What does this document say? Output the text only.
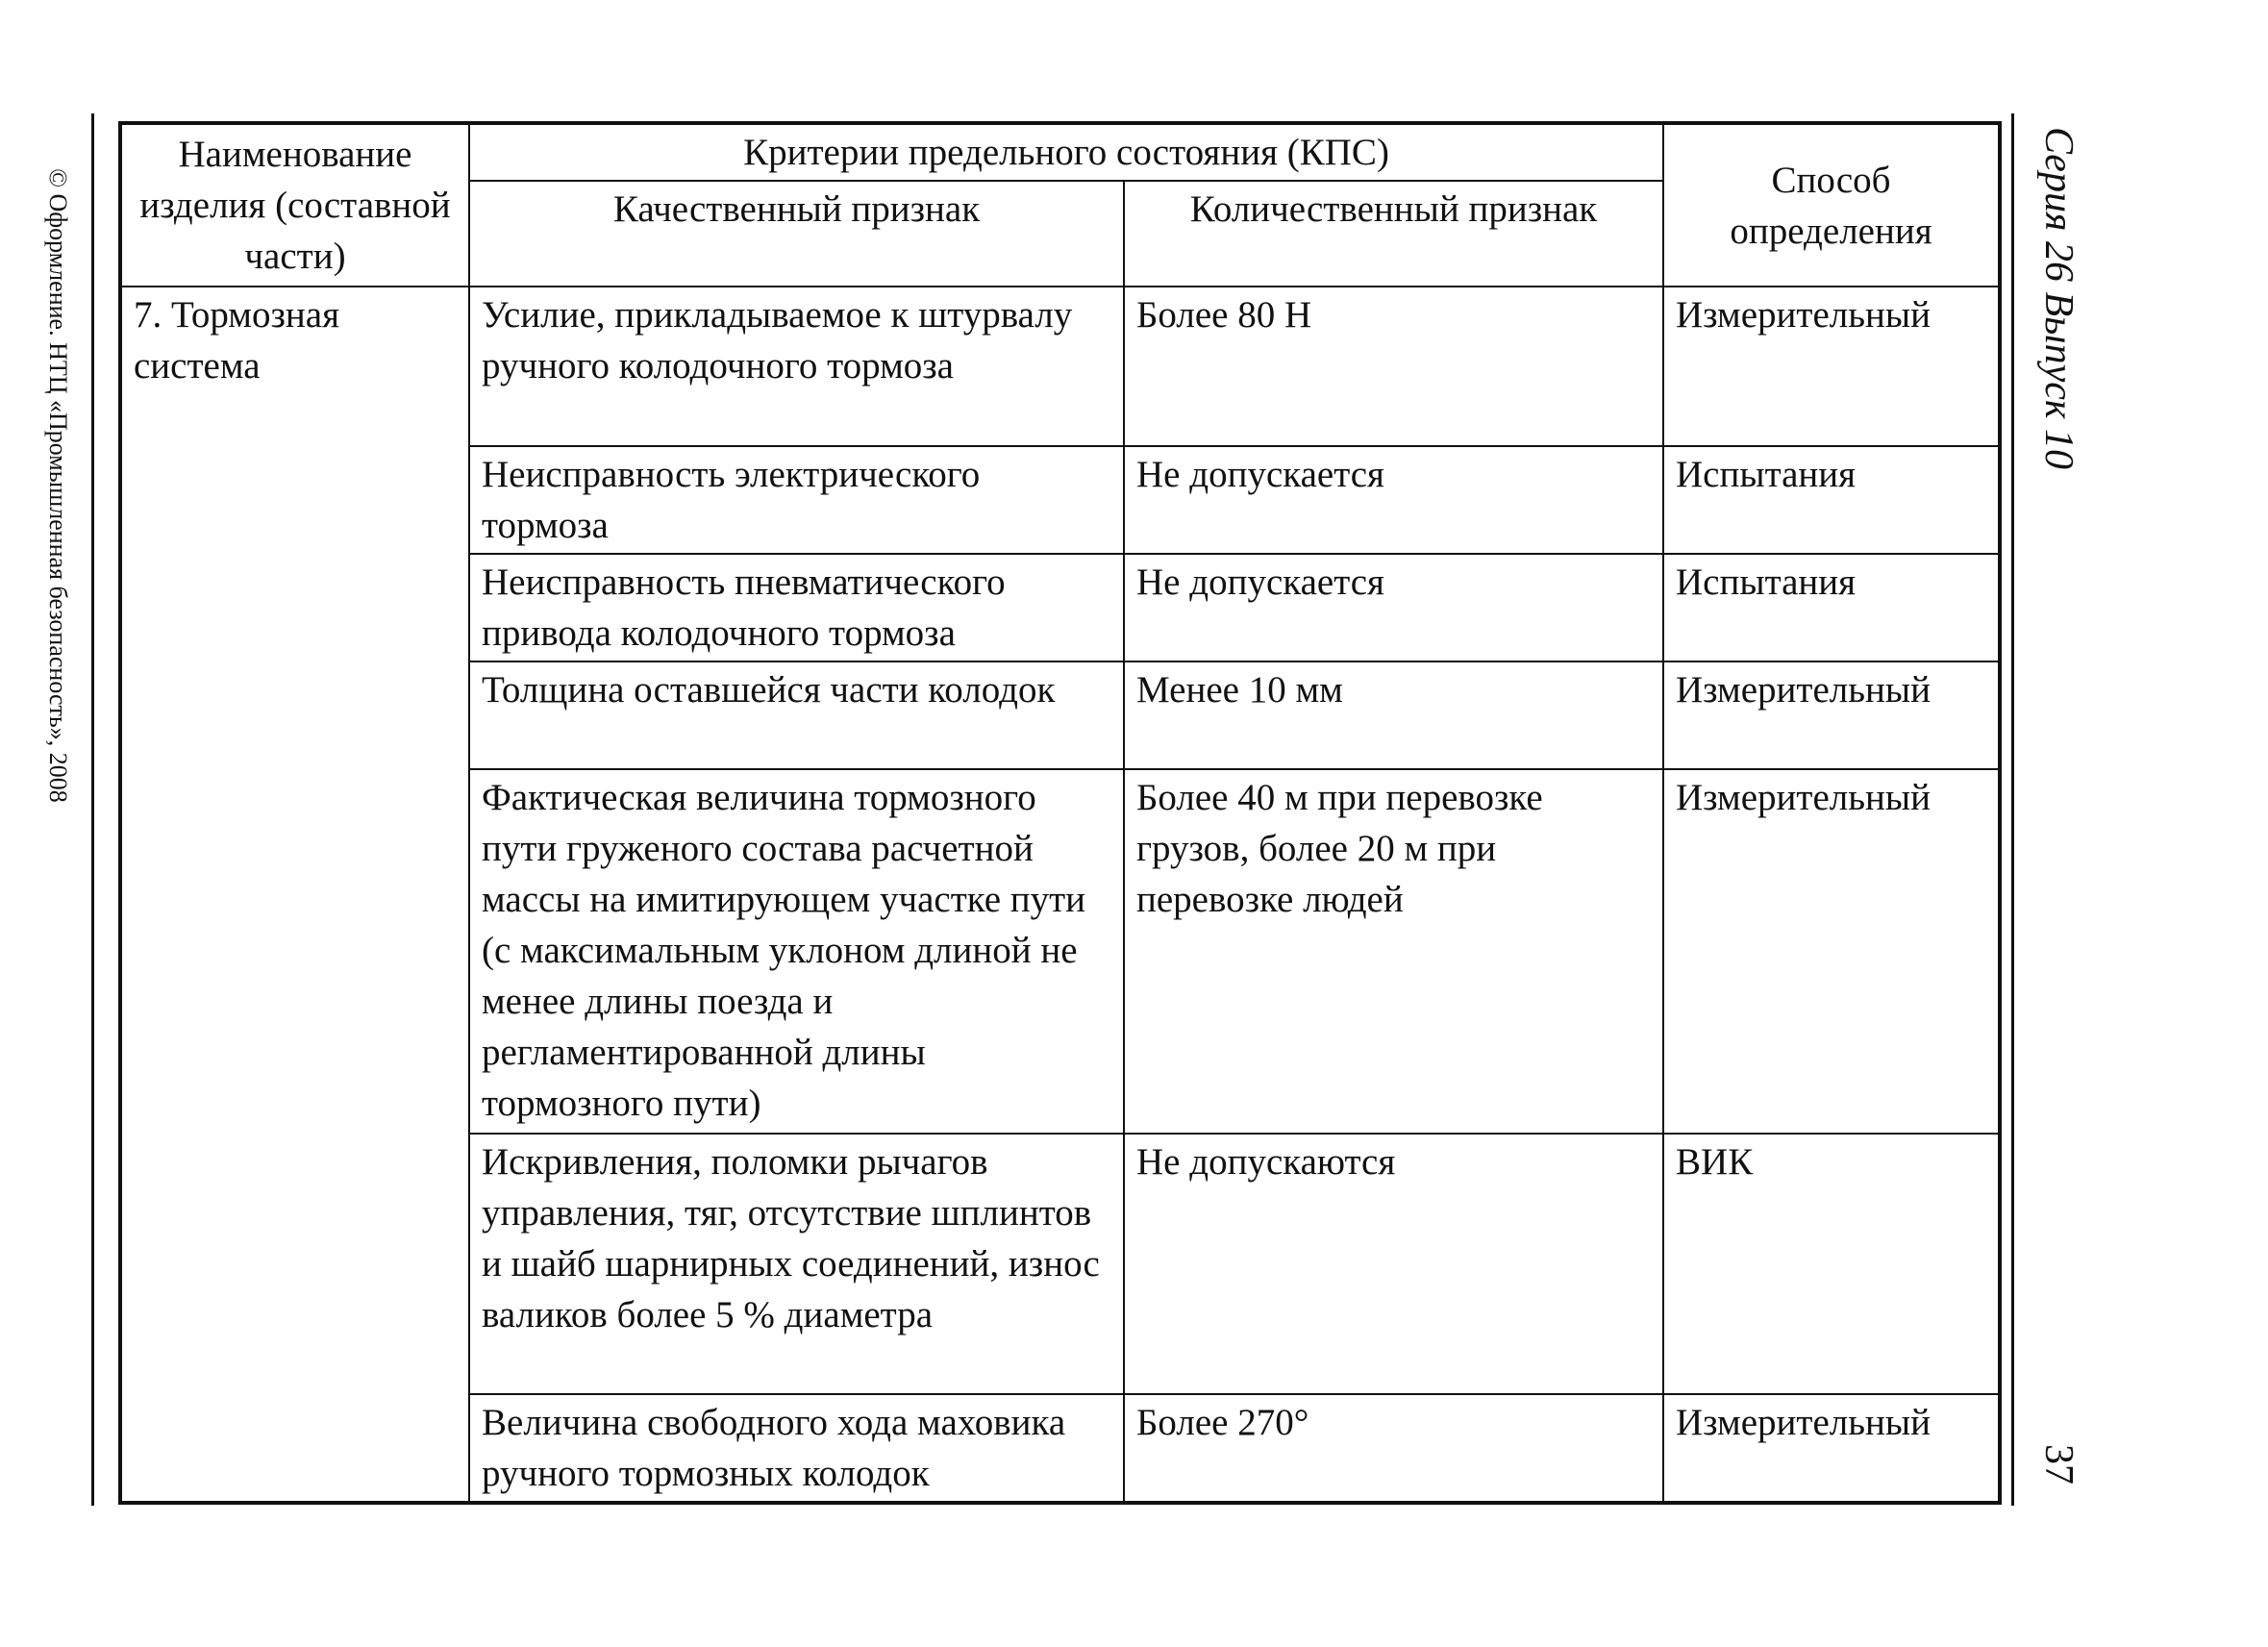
© Оформление. НТЦ «Промышленная безопасность», 2008	Серия 26 Выпуск 10
37
Наименование изделия (составной части)	Критерии предельного состояния (КПС)		Способ определения
	Качественный признак	Количественный признак	
7. Тормозная система	Усилие, прикладываемое к штурвалу ручного колодочного тормоза	Более 80 Н	Измерительный
	Неисправность электрического тормоза	Не допускается	Испытания
	Неисправность пневматического привода колодочного тормоза	Не допускается	Испытания
	Толщина оставшейся части колодок	Менее 10 мм	Измерительный
	Фактическая величина тормозного пути груженого состава расчетной массы на имитирующем участке пути (с максимальным уклоном длиной не менее длины поезда и регламентированной длины тормозного пути)	Более 40 м при перевозке грузов, более 20 м при перевозке людей	Измерительный
	Искривления, поломки рычагов управления, тяг, отсутствие шплинтов и шайб шарнирных соединений, износ валиков более 5 % диаметра	Не допускаются	ВИК
	Величина свободного хода маховика ручного тормозных колодок	Более 270°	Измерительный
